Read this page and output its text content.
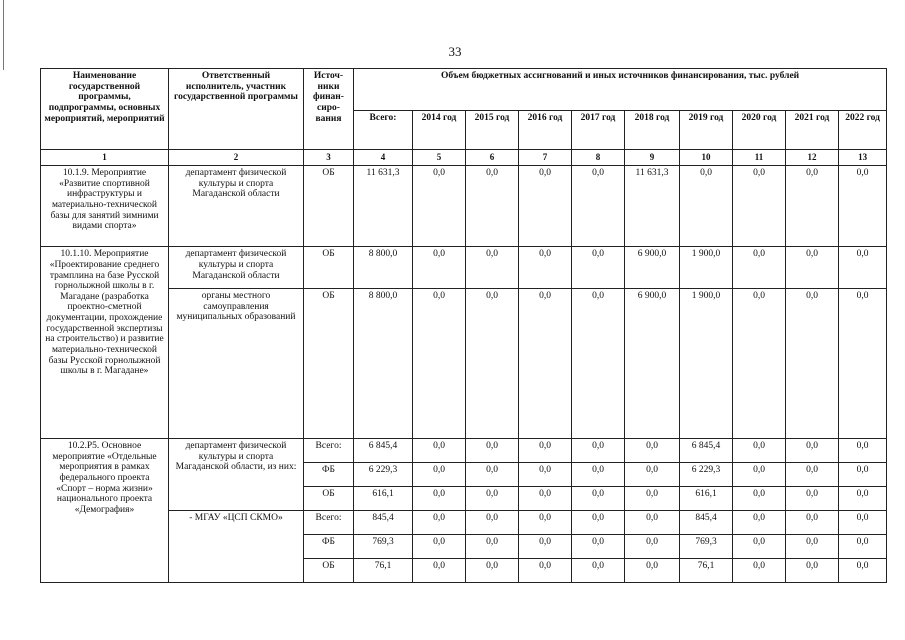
33
Наименование государственной программы, подпрограммы, основных мероприятий, мероприятий	Ответственный исполнитель, участник государственной программы	Источ-ники финан-сиро-вания	Объем бюджетных ассигнований и иных источников финансирования, тыс. рублей									
			Всего:	2014 год	2015 год	2016 год	2017 год	2018 год	2019 год	2020 год	2021 год	2022 год
1	2	3	4	5	6	7	8	9	10	11	12	13
10.1.9. Мероприятие «Развитие спортивной инфраструктуры и материально-технической базы для занятий зимними видами спорта»	департамент физической культуры и спорта Магаданской области	ОБ	11 631,3	0,0	0,0	0,0	0,0	11 631,3	0,0	0,0	0,0	0,0
10.1.10. Мероприятие «Проектирование среднего трамплина на базе Русской горнолыжной школы в г. Магадане (разработка проектно-сметной документации, прохождение государственной экспертизы на строительство) и развитие материально-технической базы Русской горнолыжной школы в г. Магадане»	департамент физической культуры и спорта Магаданской области	ОБ	8 800,0	0,0	0,0	0,0	0,0	6 900,0	1 900,0	0,0	0,0	0,0
	органы местного самоуправления муниципальных образований	ОБ	8 800,0	0,0	0,0	0,0	0,0	6 900,0	1 900,0	0,0	0,0	0,0
10.2.Р5. Основное мероприятие «Отдельные мероприятия в рамках федерального проекта «Спорт – норма жизни» национального проекта «Демография»	департамент физической культуры и спорта Магаданской области, из них:	Всего:	6 845,4	0,0	0,0	0,0	0,0	0,0	6 845,4	0,0	0,0	0,0
		ФБ	6 229,3	0,0	0,0	0,0	0,0	0,0	6 229,3	0,0	0,0	0,0
		ОБ	616,1	0,0	0,0	0,0	0,0	0,0	616,1	0,0	0,0	0,0
	- МГАУ «ЦСП СКМО»	Всего:	845,4	0,0	0,0	0,0	0,0	0,0	845,4	0,0	0,0	0,0
		ФБ	769,3	0,0	0,0	0,0	0,0	0,0	769,3	0,0	0,0	0,0
		ОБ	76,1	0,0	0,0	0,0	0,0	0,0	76,1	0,0	0,0	0,0
